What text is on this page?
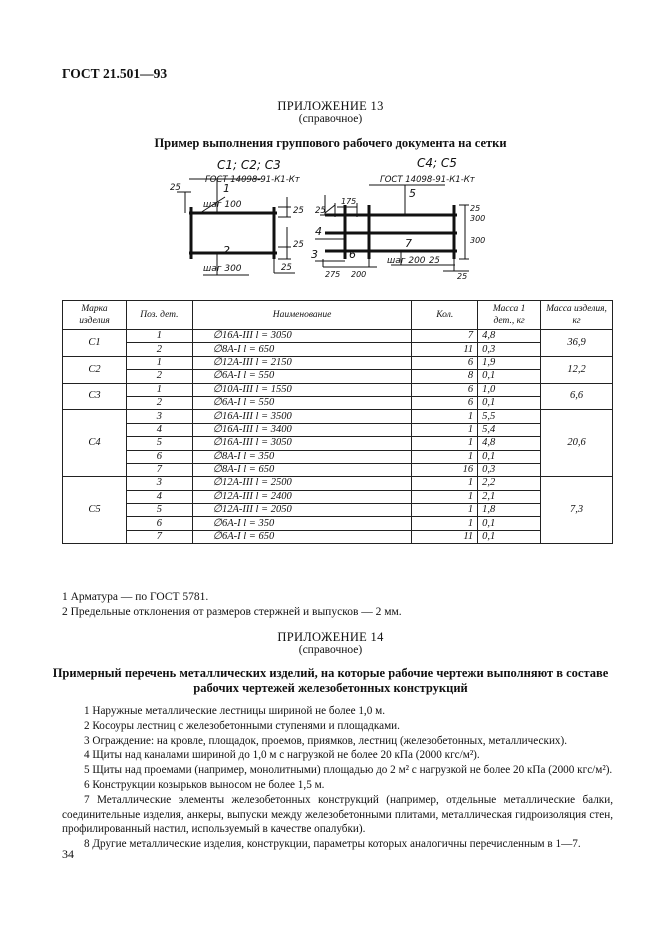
ГОСТ 21.501—93
ПРИЛОЖЕНИЕ 13
(справочное)
Пример выполнения группового рабочего документа на сетки
С1; С2; С3
ГОСТ 14098-91-К1-Кт
1
шаг 100
2
шаг 300
25
25
25
25
С4; С5
ГОСТ 14098-91-К1-Кт
5
175
25
4
3	6
7
275 200
шаг 200 25
300
300
25
25
Марка изделия	Поз. дет.	Наименование	Кол.	Масса 1 дет., кг	Масса изделия, кг
С1	1	∅16А-III l = 3050	7	4,8	36,9
	2	∅8А-I l = 650	11	0,3	
С2	1	∅12А-III l = 2150	6	1,9	12,2
	2	∅6А-I l = 550	8	0,1	
С3	1	∅10А-III l = 1550	6	1,0	6,6
	2	∅6А-I l = 550	6	0,1	
С4	3	∅16А-III l = 3500	1	5,5	20,6
	4	∅16А-III l = 3400	1	5,4	
	5	∅16А-III l = 3050	1	4,8	
	6	∅8А-I l = 350	1	0,1	
	7	∅8А-I l = 650	16	0,3	
С5	3	∅12А-III l = 2500	1	2,2	7,3
	4	∅12А-III l = 2400	1	2,1	
	5	∅12А-III l = 2050	1	1,8	
	6	∅6А-I l = 350	1	0,1	
	7	∅6А-I l = 650	11	0,1	
1 Арматура — по ГОСТ 5781.
2 Предельные отклонения от размеров стержней и выпусков — 2 мм.
ПРИЛОЖЕНИЕ 14
(справочное)
Примерный перечень металлических изделий, на которые рабочие чертежи выполняют в составе
рабочих чертежей железобетонных конструкций

1 Наружные металлические лестницы шириной не более 1,0 м.

2 Косоуры лестниц с железобетонными ступенями и площадками.

3 Ограждение: на кровле, площадок, проемов, приямков, лестниц (железобетонных, металлических).

4 Щиты над каналами шириной до 1,0 м с нагрузкой не более 20 кПа (2000 кгс/м²).

5 Щиты над проемами (например, монолитными) площадью до 2 м² с нагрузкой не более 20 кПа (2000 кгс/м²).

6 Конструкции козырьков выносом не более 1,5 м.

7 Металлические элементы железобетонных конструкций (например, отдельные металлические балки, соединительные изделия, анкеры, выпуски между железобетонными плитами, металлическая гидроизоляция стен, профилированный настил, используемый в качестве опалубки).

8 Другие металлические изделия, конструкции, параметры которых аналогичны перечисленным в 1—7.

34
